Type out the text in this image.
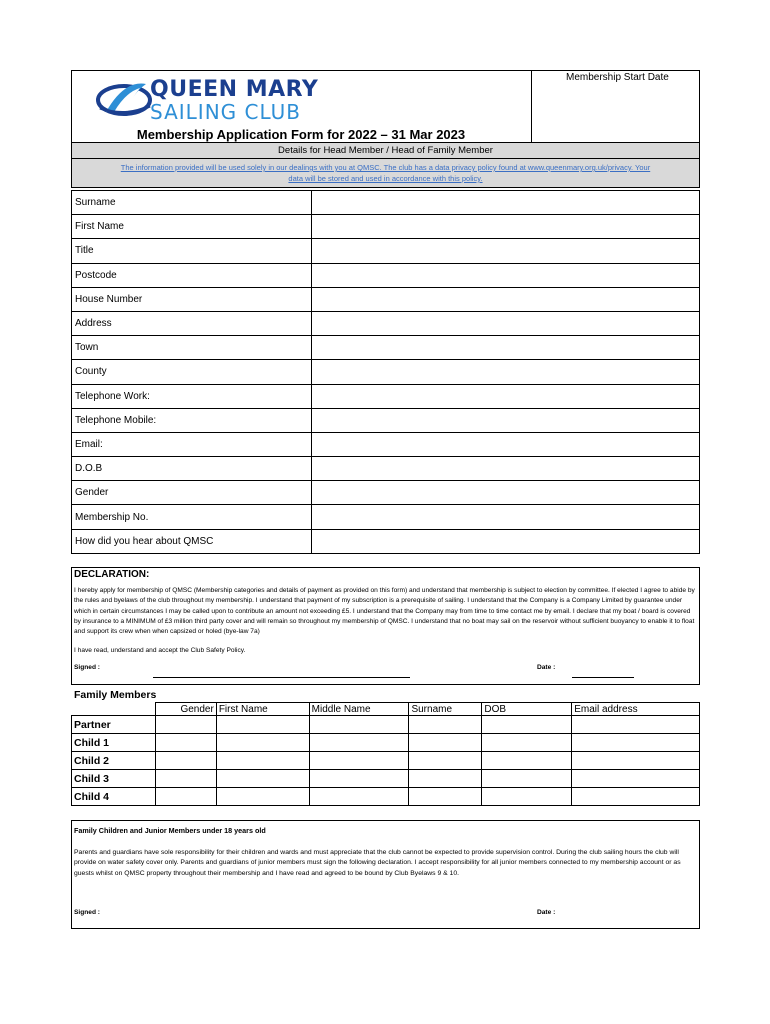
QUEEN MARY
SAILING CLUB
Membership Start Date
Membership Application Form for 2022 – 31 Mar 2023
Details for Head Member / Head of Family Member
The information provided will be used solely in our dealings with you at QMSC. The club has a data privacy policy found at www.queenmary.org.uk/privacy. Your
data will be stored and used in accordance with this policy.
Surname	
First Name	
Title	
Postcode	
House Number	
Address	
Town	
County	
Telephone Work:	
Telephone Mobile:	
Email:	
D.O.B	
Gender	
Membership No.	
How did you hear about QMSC	
DECLARATION:
I hereby apply for membership of QMSC (Membership categories and details of payment as provided on this form) and understand that membership is subject to election by committee. If elected I agree to abide by the rules and byelaws of the club throughout my membership. I understand that payment of my subscription is a prerequisite of sailing. I understand that the Company is a Company Limited by guarantee under which in certain circumstances I may be called upon to contribute an amount not exceeding £5. I understand that the Company may from time to time contact me by email. I declare that my boat / board is covered by insurance to a MINIMUM of £3 million third party cover and will remain so throughout my membership of QMSC. I understand that no boat may sail on the reservoir without sufficient buoyancy to enable it to float and support its crew when when capsized or holed (bye-law 7a)
I have read, understand and accept the Club Safety Policy.
Signed :	Date :
Family Members
	Gender	First Name	Middle Name	Surname	DOB	Email address
Partner						
Child 1						
Child 2						
Child 3						
Child 4						
Family Children and Junior Members under 18 years old
Parents and guardians have sole responsibility for their children and wards and must appreciate that the club cannot be expected to provide supervision control. During the club sailing hours the club will provide on water safety cover only. Parents and guardians of junior members must sign the following declaration. I accept responsibility for all junior members connected to my membership account or as guests whilst on QMSC property throughout their membership and I have read and agreed to be bound by Club Byelaws 9 & 10.
Signed :	Date :
